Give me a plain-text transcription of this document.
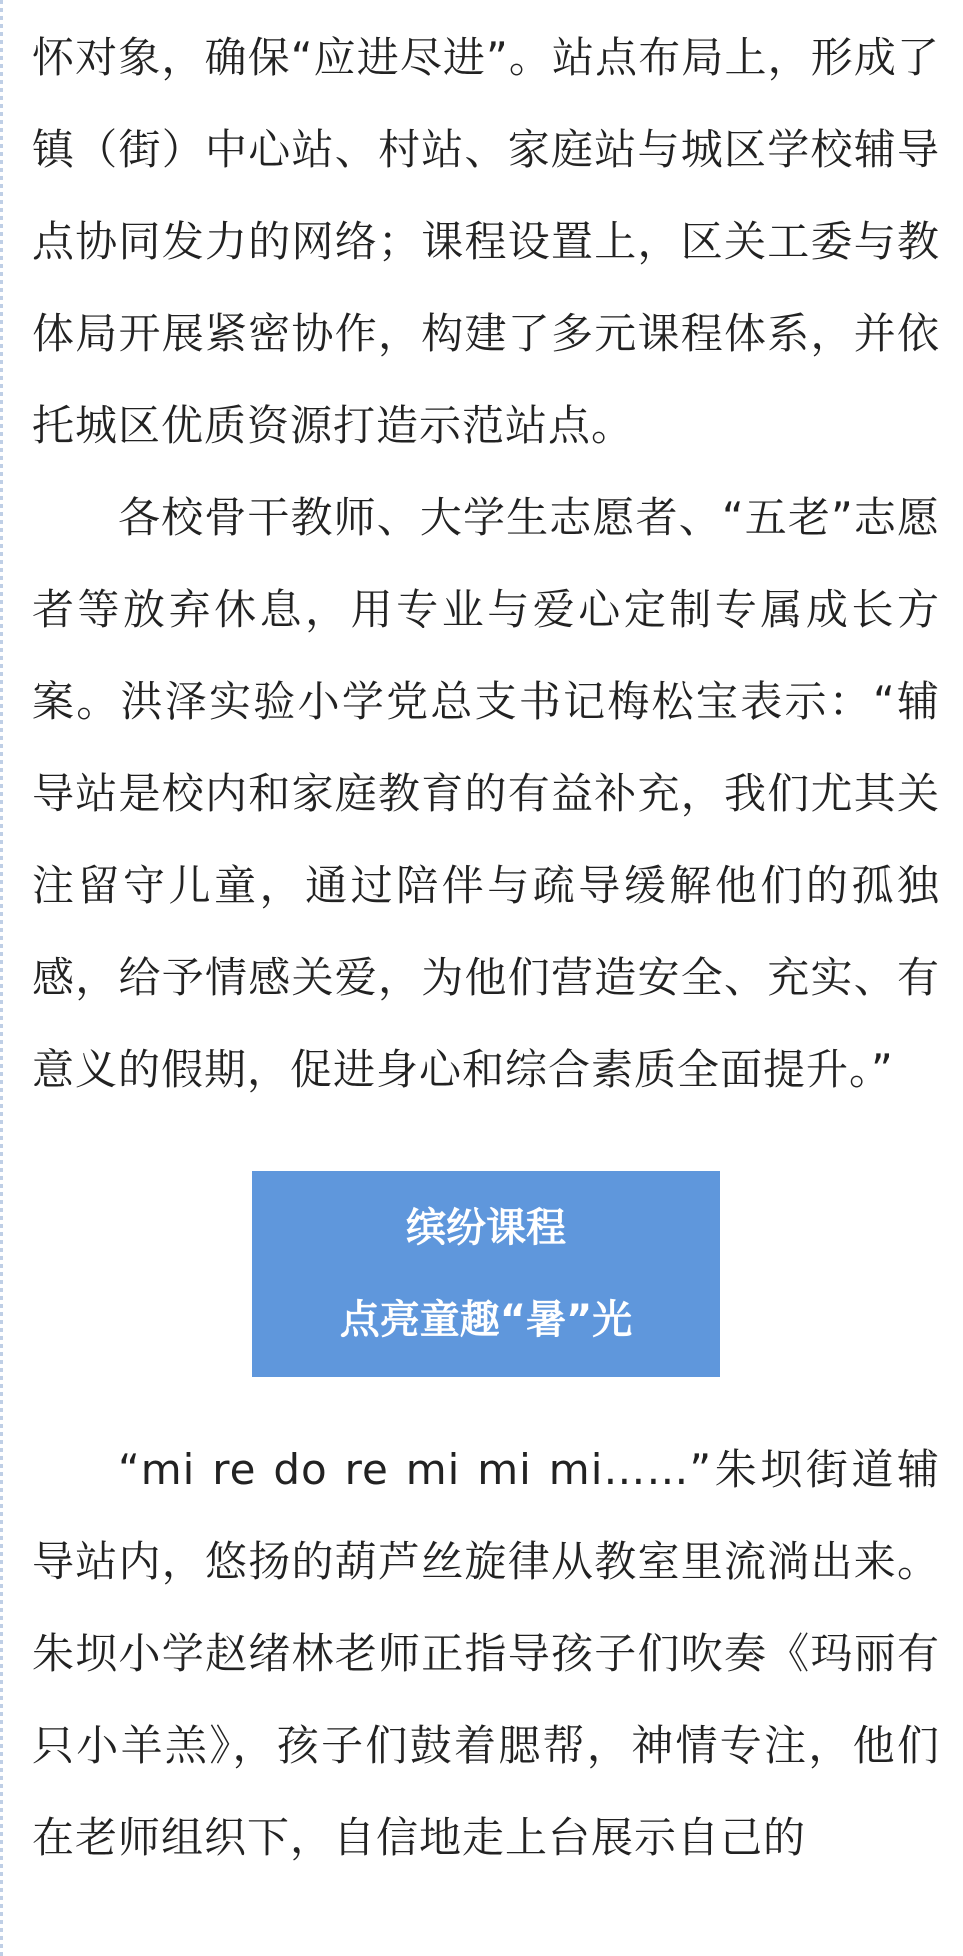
怀对象，确保“应进尽进”。站点布局上，形成了镇（街）中心站、村站、家庭站与城区学校辅导点协同发力的网络；课程设置上，区关工委与教体局开展紧密协作，构建了多元课程体系，并依托城区优质资源打造示范站点。

各校骨干教师、大学生志愿者、“五老”志愿者等放弃休息，用专业与爱心定制专属成长方案。洪泽实验小学党总支书记梅松宝表示：“辅导站是校内和家庭教育的有益补充，我们尤其关注留守儿童，通过陪伴与疏导缓解他们的孤独感，给予情感关爱，为他们营造安全、充实、有意义的假期，促进身心和综合素质全面提升。”

缤纷课程
点亮童趣“暑”光

“mi re do re mi mi mi……”朱坝街道辅导站内，悠扬的葫芦丝旋律从教室里流淌出来。朱坝小学赵绪林老师正指导孩子们吹奏《玛丽有只小羊羔》，孩子们鼓着腮帮，神情专注，他们在老师组织下，自信地走上台展示自己的
